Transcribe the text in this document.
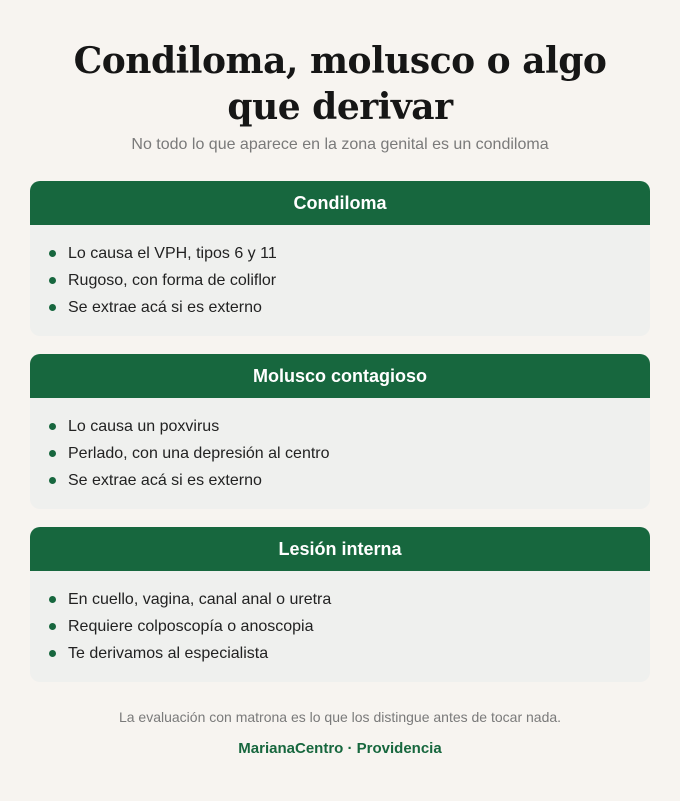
Condiloma, molusco o algo que derivar
No todo lo que aparece en la zona genital es un condiloma
Condiloma
Lo causa el VPH, tipos 6 y 11
Rugoso, con forma de coliflor
Se extrae acá si es externo
Molusco contagioso
Lo causa un poxvirus
Perlado, con una depresión al centro
Se extrae acá si es externo
Lesión interna
En cuello, vagina, canal anal o uretra
Requiere colposcopía o anoscopia
Te derivamos al especialista
La evaluación con matrona es lo que los distingue antes de tocar nada.
MarianaCentro · Providencia
